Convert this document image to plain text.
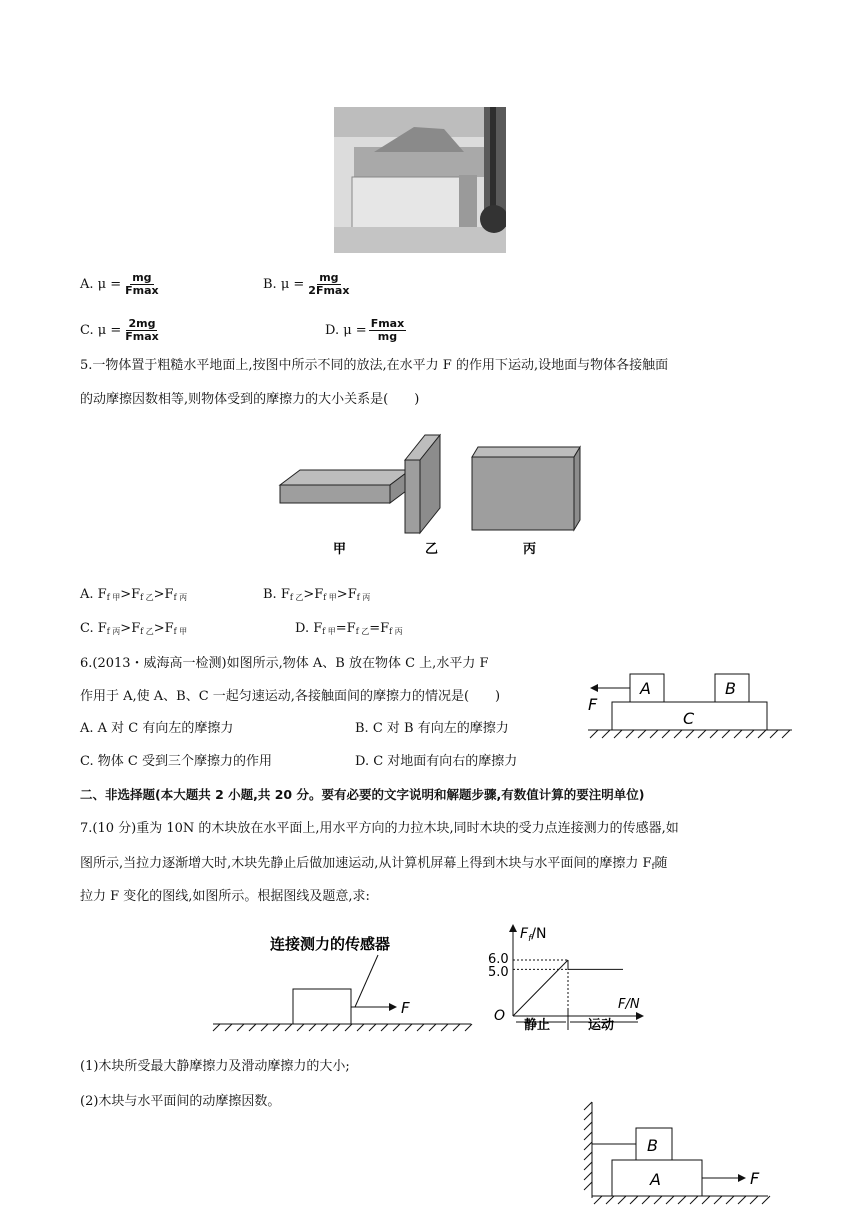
A. $\mu = \frac{mg}{Fmax}$	B. $\mu = \frac{mg}{2Fmax}$
C. $\mu = \frac{2mg}{Fmax}$	D. $\mu = \frac{Fmax}{mg}$
5.一物体置于粗糙水平地面上,按图中所示不同的放法,在水平力 F 的作用下运动,设地面与物体各接触面
的动摩擦因数相等,则物体受到的摩擦力的大小关系是(　　)
甲	乙	丙
A. $F_{f 甲}>F_{f 乙}>F_{f 丙}$	B. $F_{f 乙}>F_{f 甲}>F_{f 丙}$
C. $F_{f 丙}>F_{f 乙}>F_{f 甲}$	D. $F_{f 甲}=F_{f 乙}=F_{f 丙}$
6.(2013・威海高一检测)如图所示,物体 A、B 放在物体 C 上,水平力 F
作用于 A,使 A、B、C 一起匀速运动,各接触面间的摩擦力的情况是(　　)
A. A 对 C 有向左的摩擦力	B. C 对 B 有向左的摩擦力
C. 物体 C 受到三个摩擦力的作用	D. C 对地面有向右的摩擦力
A	B
C
F
二、非选择题(本大题共 2 小题,共 20 分。要有必要的文字说明和解题步骤,有数值计算的要注明单位)
7.(10 分)重为 10N 的木块放在水平面上,用水平方向的力拉木块,同时木块的受力点连接测力的传感器,如
图所示,当拉力逐渐增大时,木块先静止后做加速运动,从计算机屏幕上得到木块与水平面间的摩擦力 $F_f$随
拉力 F 变化的图线,如图所示。根据图线及题意,求:
连接测力的传感器
F
$F_f/N$
6.0
5.0
F/N
O
静止	运动
(1)木块所受最大静摩擦力及滑动摩擦力的大小;
(2)木块与水平面间的动摩擦因数。
B
A	F
